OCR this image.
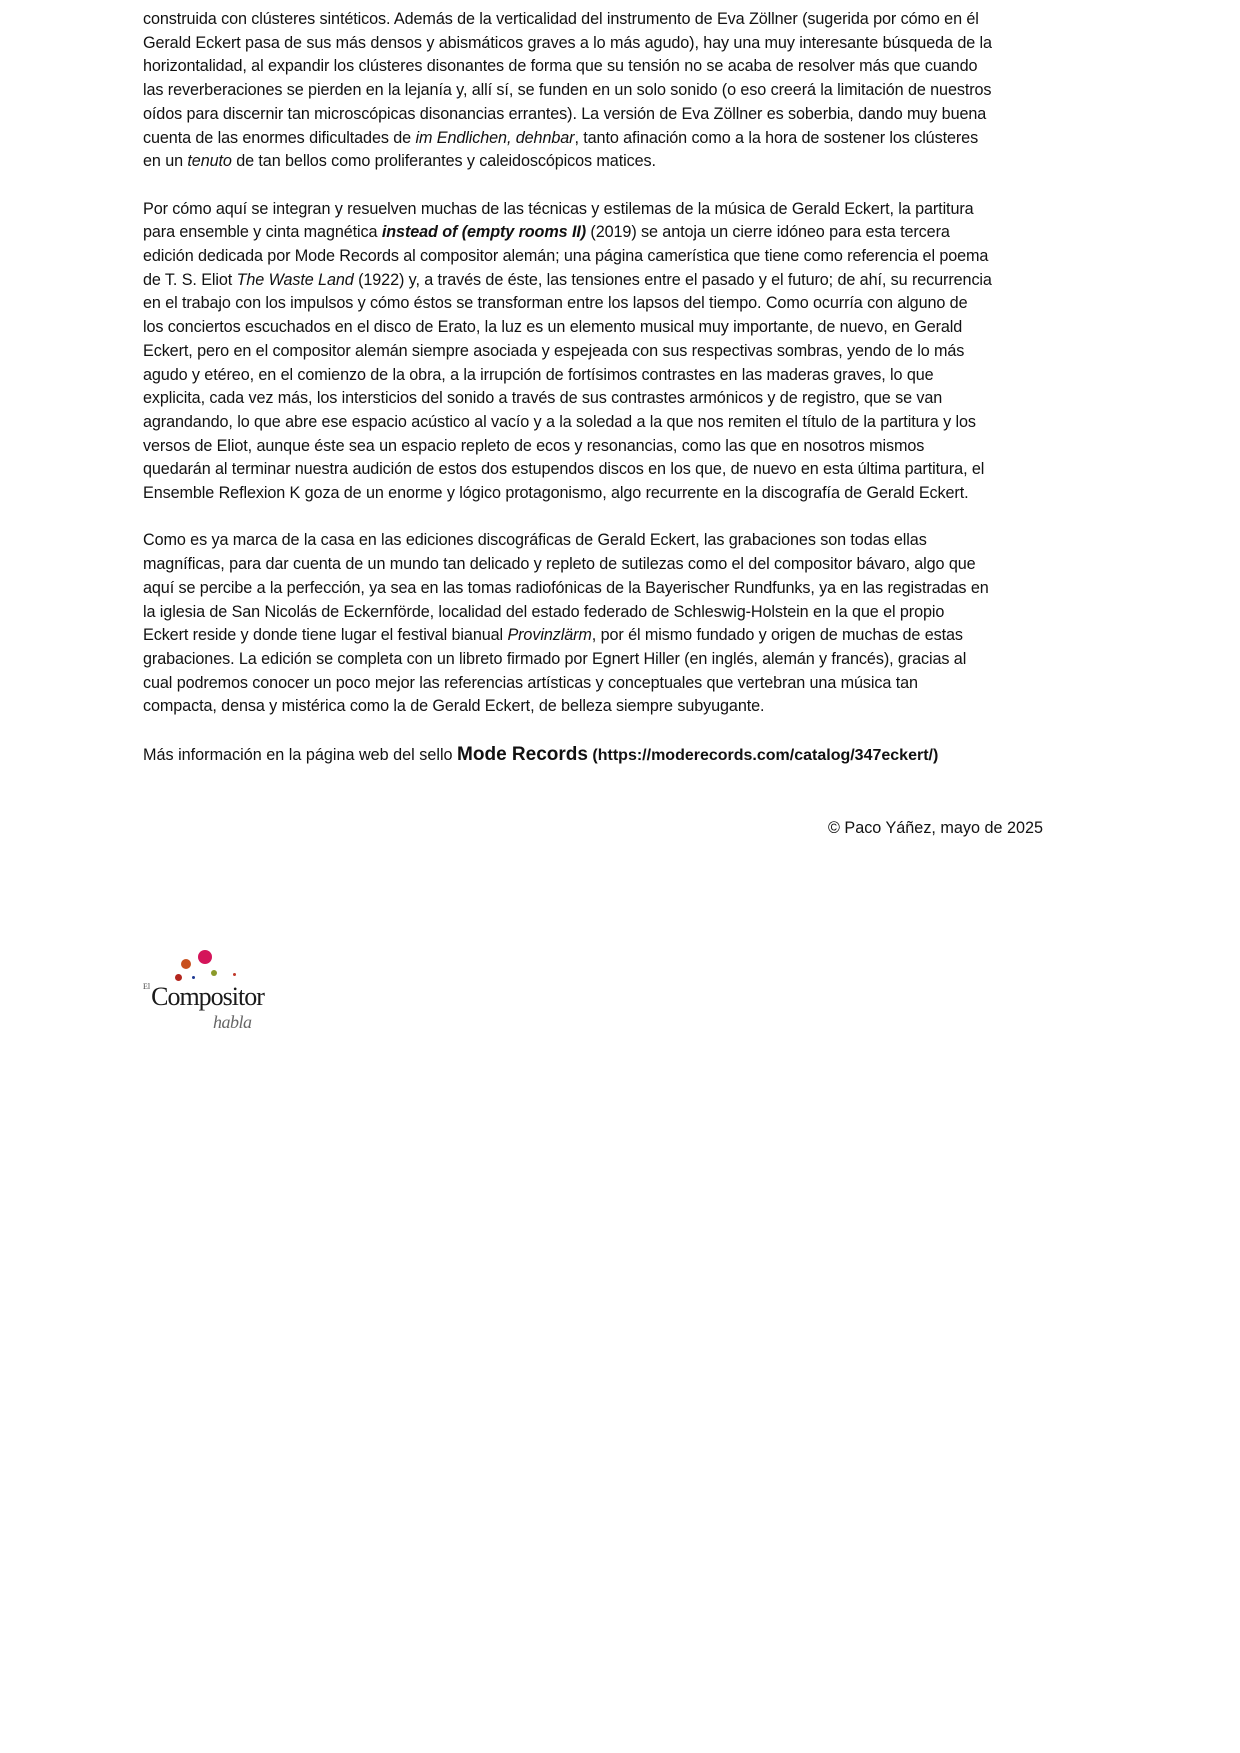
construida con clústeres sintéticos. Además de la verticalidad del instrumento de Eva Zöllner (sugerida por cómo en él
Gerald Eckert pasa de sus más densos y abismáticos graves a lo más agudo), hay una muy interesante búsqueda de la
horizontalidad, al expandir los clústeres disonantes de forma que su tensión no se acaba de resolver más que cuando
las reverberaciones se pierden en la lejanía y, allí sí, se funden en un solo sonido (o eso creerá la limitación de nuestros
oídos para discernir tan microscópicas disonancias errantes). La versión de Eva Zöllner es soberbia, dando muy buena
cuenta de las enormes dificultades de im Endlichen, dehnbar, tanto afinación como a la hora de sostener los clústeres
en un tenuto de tan bellos como proliferantes y caleidoscópicos matices.

Por cómo aquí se integran y resuelven muchas de las técnicas y estilemas de la música de Gerald Eckert, la partitura
para ensemble y cinta magnética instead of (empty rooms II) (2019) se antoja un cierre idóneo para esta tercera
edición dedicada por Mode Records al compositor alemán; una página camerística que tiene como referencia el poema
de T. S. Eliot The Waste Land (1922) y, a través de éste, las tensiones entre el pasado y el futuro; de ahí, su recurrencia
en el trabajo con los impulsos y cómo éstos se transforman entre los lapsos del tiempo. Como ocurría con alguno de
los conciertos escuchados en el disco de Erato, la luz es un elemento musical muy importante, de nuevo, en Gerald
Eckert, pero en el compositor alemán siempre asociada y espejeada con sus respectivas sombras, yendo de lo más
agudo y etéreo, en el comienzo de la obra, a la irrupción de fortísimos contrastes en las maderas graves, lo que
explicita, cada vez más, los intersticios del sonido a través de sus contrastes armónicos y de registro, que se van
agrandando, lo que abre ese espacio acústico al vacío y a la soledad a la que nos remiten el título de la partitura y los
versos de Eliot, aunque éste sea un espacio repleto de ecos y resonancias, como las que en nosotros mismos
quedarán al terminar nuestra audición de estos dos estupendos discos en los que, de nuevo en esta última partitura, el
Ensemble Reflexion K goza de un enorme y lógico protagonismo, algo recurrente en la discografía de Gerald Eckert.

Como es ya marca de la casa en las ediciones discográficas de Gerald Eckert, las grabaciones son todas ellas
magníficas, para dar cuenta de un mundo tan delicado y repleto de sutilezas como el del compositor bávaro, algo que
aquí se percibe a la perfección, ya sea en las tomas radiofónicas de la Bayerischer Rundfunks, ya en las registradas en
la iglesia de San Nicolás de Eckernförde, localidad del estado federado de Schleswig-Holstein en la que el propio
Eckert reside y donde tiene lugar el festival bianual Provinzlärm, por él mismo fundado y origen de muchas de estas
grabaciones. La edición se completa con un libreto firmado por Egnert Hiller (en inglés, alemán y francés), gracias al
cual podremos conocer un poco mejor las referencias artísticas y conceptuales que vertebran una música tan
compacta, densa y mistérica como la de Gerald Eckert, de belleza siempre subyugante.

Más información en la página web del sello Mode Records (https://moderecords.com/catalog/347eckert/)

© Paco Yáñez, mayo de 2025
El Compositor
habla
